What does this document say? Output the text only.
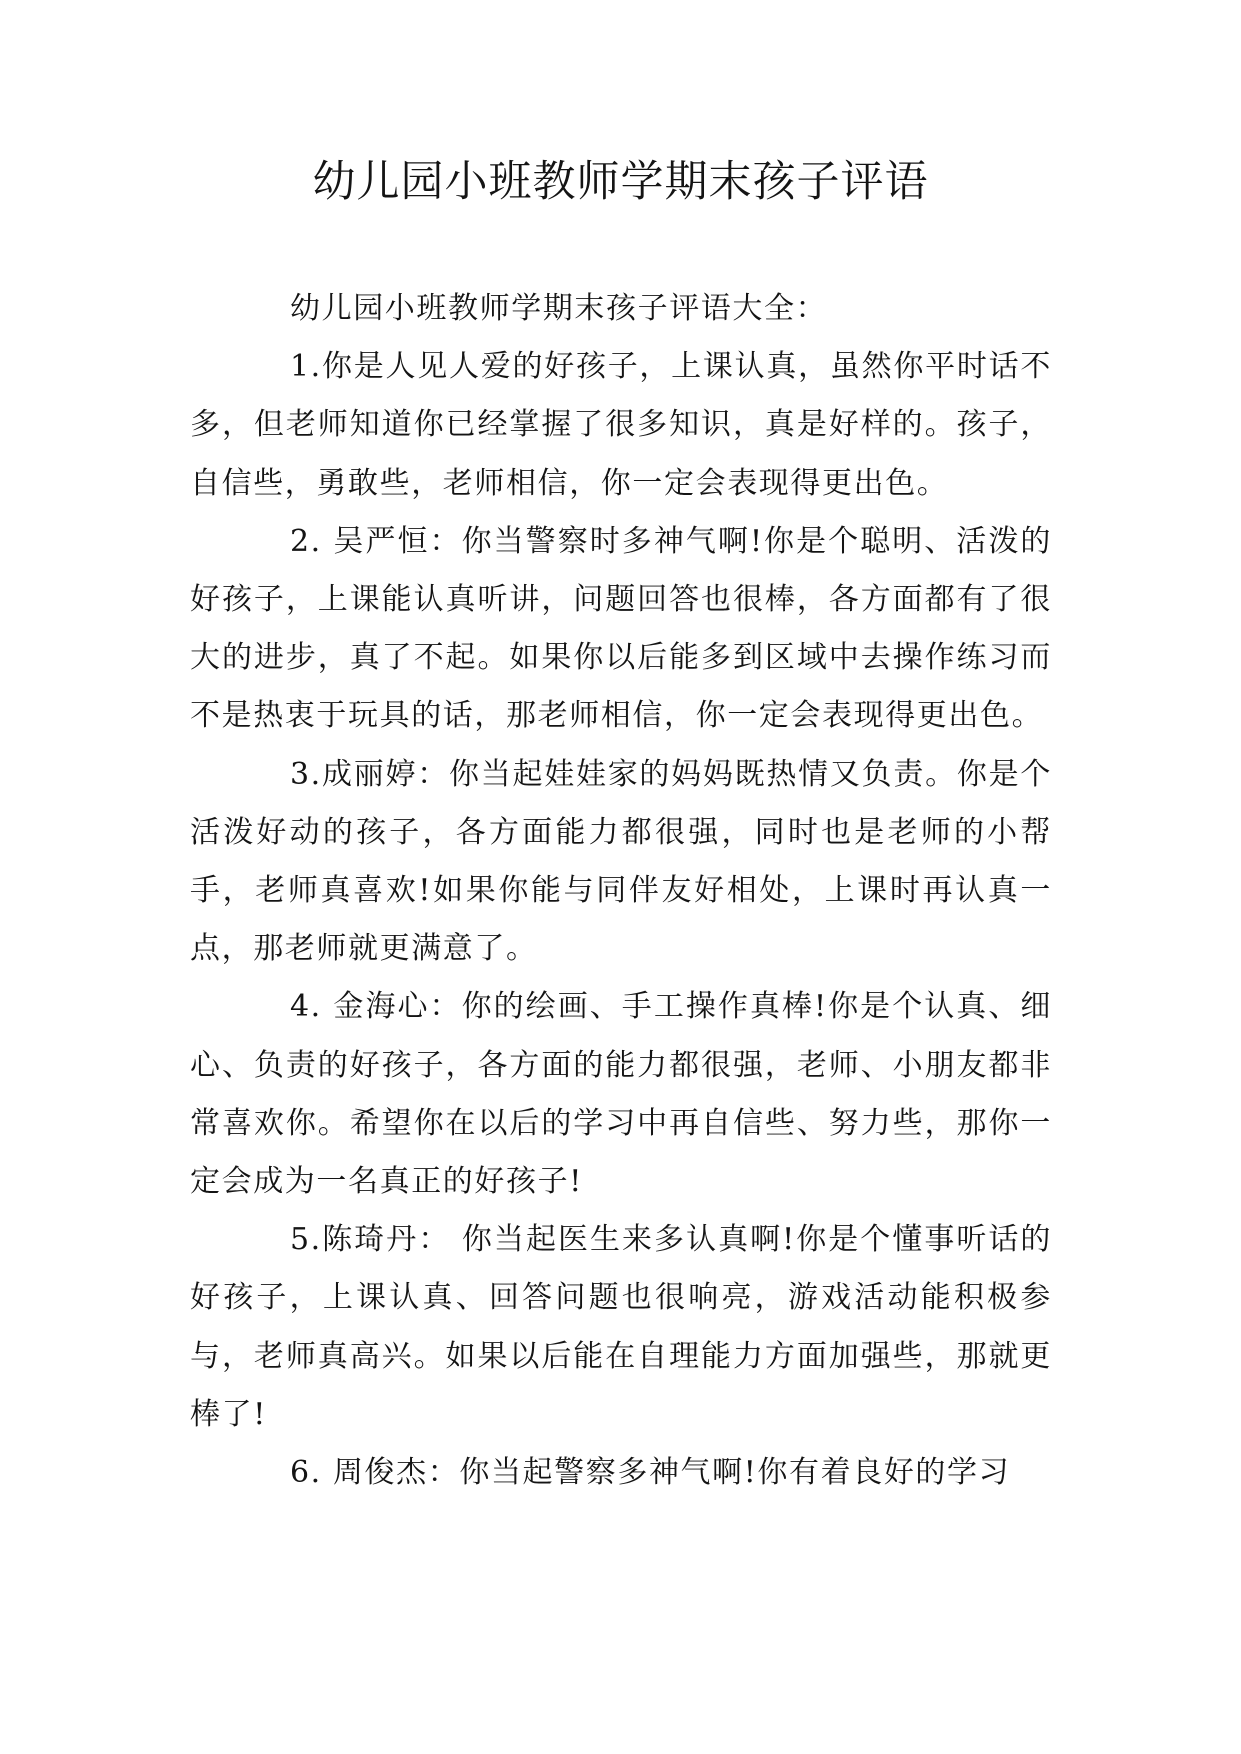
幼儿园小班教师学期末孩子评语

幼儿园小班教师学期末孩子评语大全：

1.你是人见人爱的好孩子，上课认真，虽然你平时话不多，但老师知道你已经掌握了很多知识，真是好样的。孩子，自信些，勇敢些，老师相信，你一定会表现得更出色。

2. 吴严恒：你当警察时多神气啊!你是个聪明、活泼的好孩子，上课能认真听讲，问题回答也很棒，各方面都有了很大的进步，真了不起。如果你以后能多到区域中去操作练习而不是热衷于玩具的话，那老师相信，你一定会表现得更出色。

3.成丽婷：你当起娃娃家的妈妈既热情又负责。你是个活泼好动的孩子，各方面能力都很强，同时也是老师的小帮手，老师真喜欢!如果你能与同伴友好相处，上课时再认真一点，那老师就更满意了。

4. 金海心：你的绘画、手工操作真棒!你是个认真、细心、负责的好孩子，各方面的能力都很强，老师、小朋友都非常喜欢你。希望你在以后的学习中再自信些、努力些，那你一定会成为一名真正的好孩子!

5.陈琦丹： 你当起医生来多认真啊!你是个懂事听话的好孩子，上课认真、回答问题也很响亮，游戏活动能积极参与，老师真高兴。如果以后能在自理能力方面加强些，那就更棒了!

6. 周俊杰：你当起警察多神气啊!你有着良好的学习
